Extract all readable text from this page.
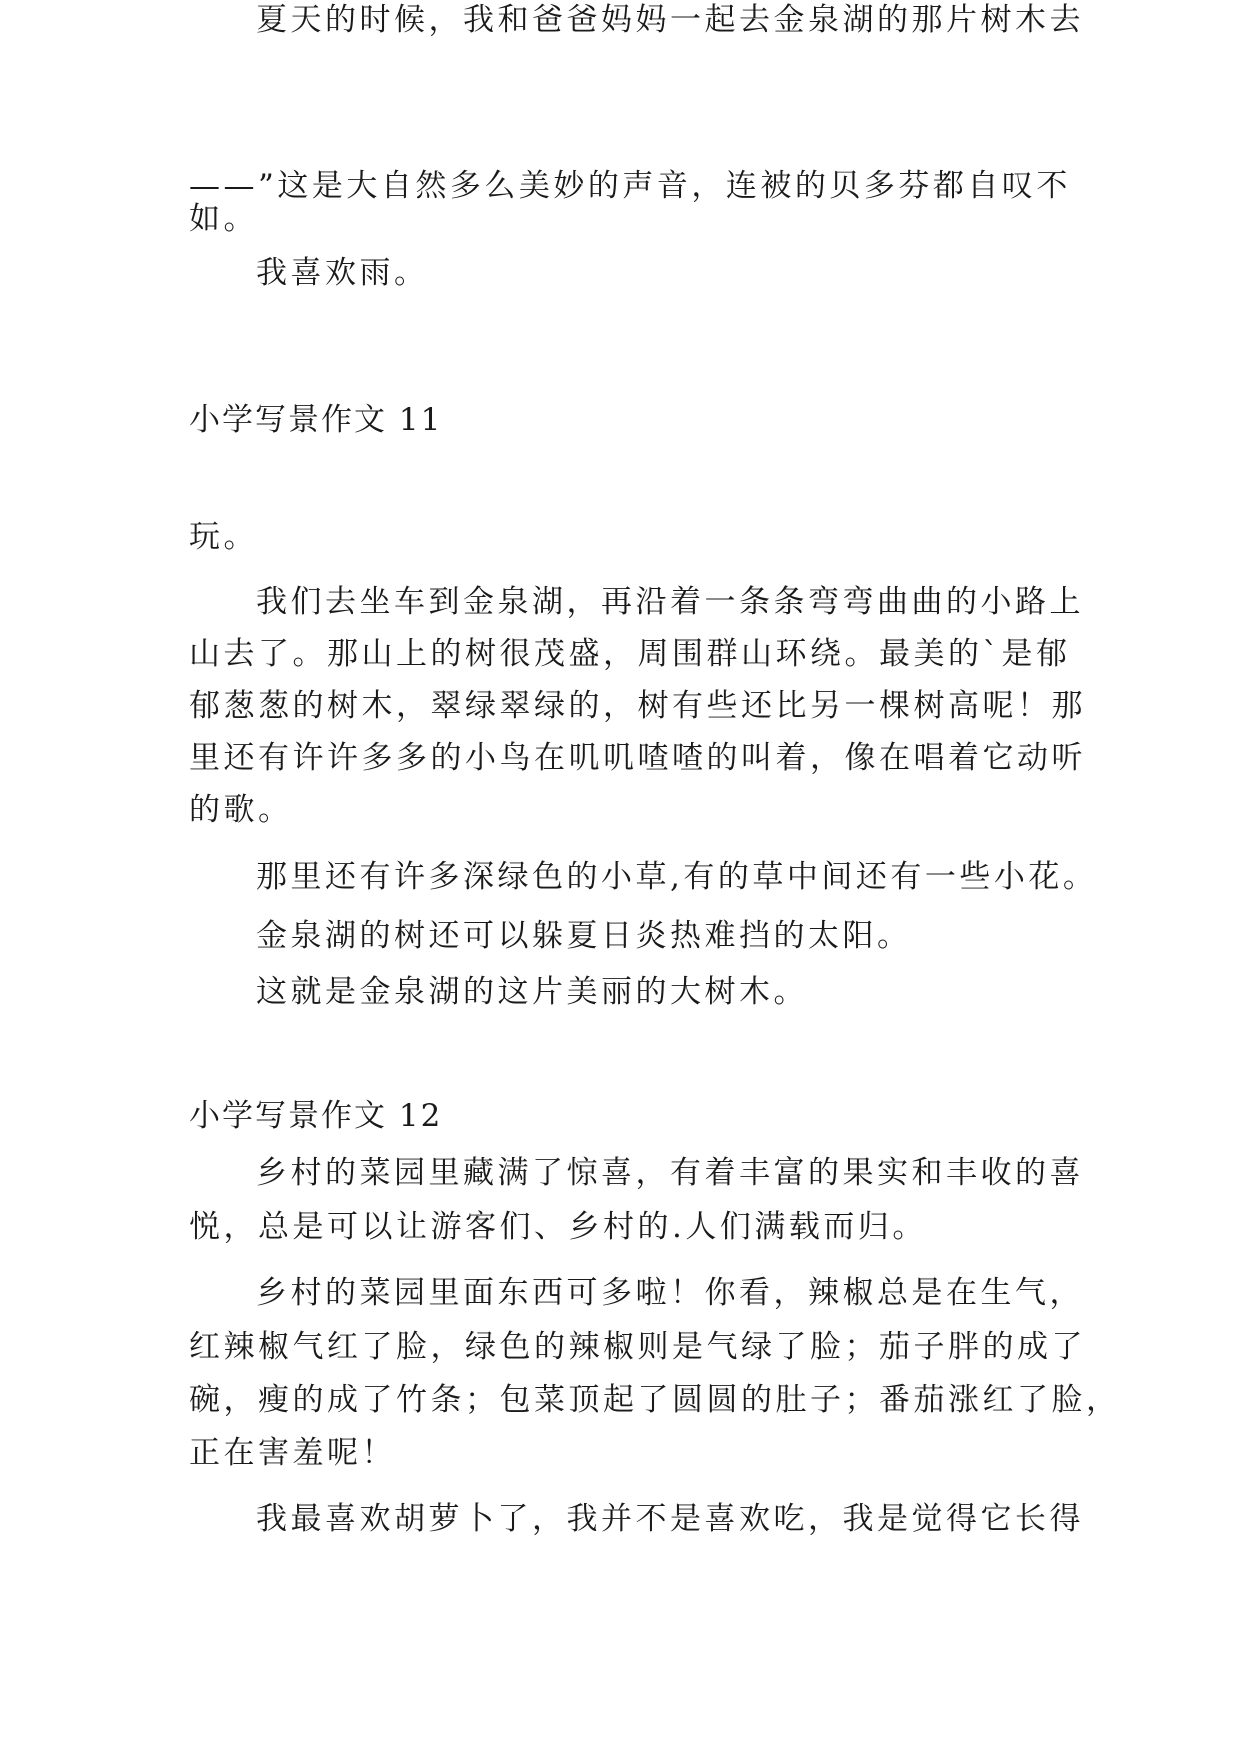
——”这是大自然多么美妙的声音，连被的贝多芬都自叹不
如。
我喜欢雨。
小学写景作文 11
夏天的时候，我和爸爸妈妈一起去金泉湖的那片树木去
玩。
我们去坐车到金泉湖，再沿着一条条弯弯曲曲的小路上
山去了。那山上的树很茂盛，周围群山环绕。最美的`是郁
郁葱葱的树木，翠绿翠绿的，树有些还比另一棵树高呢！那
里还有许许多多的小鸟在叽叽喳喳的叫着，像在唱着它动听
的歌。
那里还有许多深绿色的小草,有的草中间还有一些小花。
金泉湖的树还可以躲夏日炎热难挡的太阳。
这就是金泉湖的这片美丽的大树木。
小学写景作文 12
乡村的菜园里藏满了惊喜，有着丰富的果实和丰收的喜
悦，总是可以让游客们、乡村的.人们满载而归。
乡村的菜园里面东西可多啦！你看，辣椒总是在生气，
红辣椒气红了脸，绿色的辣椒则是气绿了脸；茄子胖的成了
碗，瘦的成了竹条；包菜顶起了圆圆的肚子；番茄涨红了脸，
正在害羞呢！
我最喜欢胡萝卜了，我并不是喜欢吃，我是觉得它长得
